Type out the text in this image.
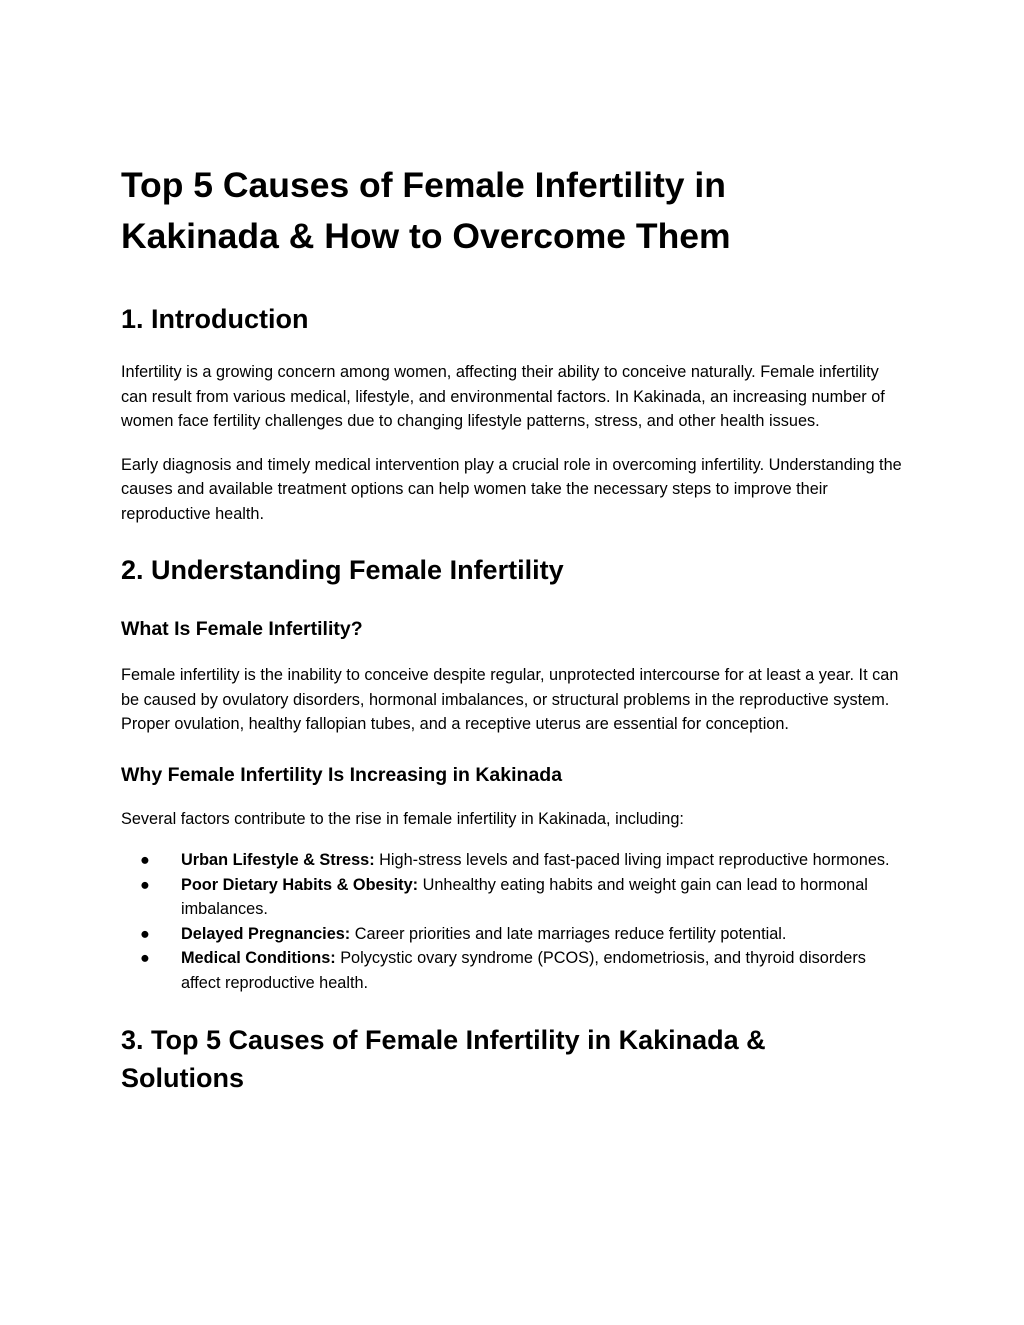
Top 5 Causes of Female Infertility in Kakinada & How to Overcome Them
1. Introduction

Infertility is a growing concern among women, affecting their ability to conceive naturally. Female infertility can result from various medical, lifestyle, and environmental factors. In Kakinada, an increasing number of women face fertility challenges due to changing lifestyle patterns, stress, and other health issues.

Early diagnosis and timely medical intervention play a crucial role in overcoming infertility. Understanding the causes and available treatment options can help women take the necessary steps to improve their reproductive health.

2. Understanding Female Infertility
What Is Female Infertility?

Female infertility is the inability to conceive despite regular, unprotected intercourse for at least a year. It can be caused by ovulatory disorders, hormonal imbalances, or structural problems in the reproductive system. Proper ovulation, healthy fallopian tubes, and a receptive uterus are essential for conception.

Why Female Infertility Is Increasing in Kakinada

Several factors contribute to the rise in female infertility in Kakinada, including:

● Urban Lifestyle & Stress: High-stress levels and fast-paced living impact reproductive hormones.
● Poor Dietary Habits & Obesity: Unhealthy eating habits and weight gain can lead to hormonal imbalances.
● Delayed Pregnancies: Career priorities and late marriages reduce fertility potential.
● Medical Conditions: Polycystic ovary syndrome (PCOS), endometriosis, and thyroid disorders affect reproductive health.
3. Top 5 Causes of Female Infertility in Kakinada & Solutions
